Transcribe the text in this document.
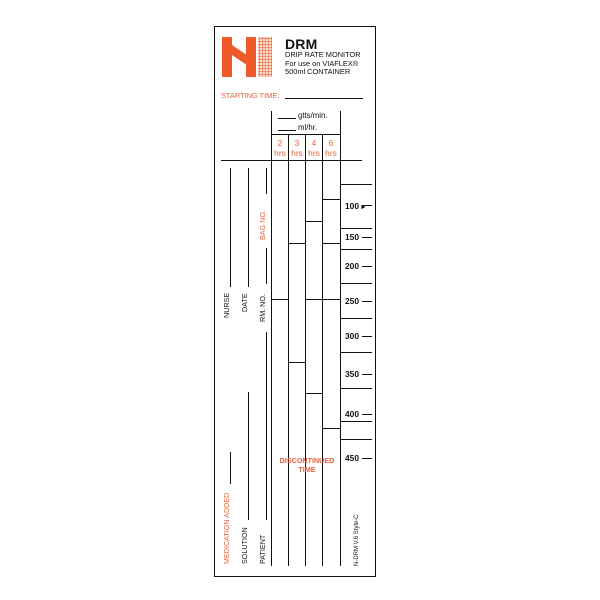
DRM
DRIP RATE MONITOR
For use on VIAFLEX®
500ml CONTAINER
STARTING TIME:
gtts/min.
ml/hr.
2
hrs
3
hrs
4
hrs
6
hrs
100►
150
200
250
300
350
400
450
NURSE DATE RM. NO.
BAG NO.
MEDICATION ADDED SOLUTION PATIENT
DISCONTINUED
TIME
N-DRM V.6 Style-C
